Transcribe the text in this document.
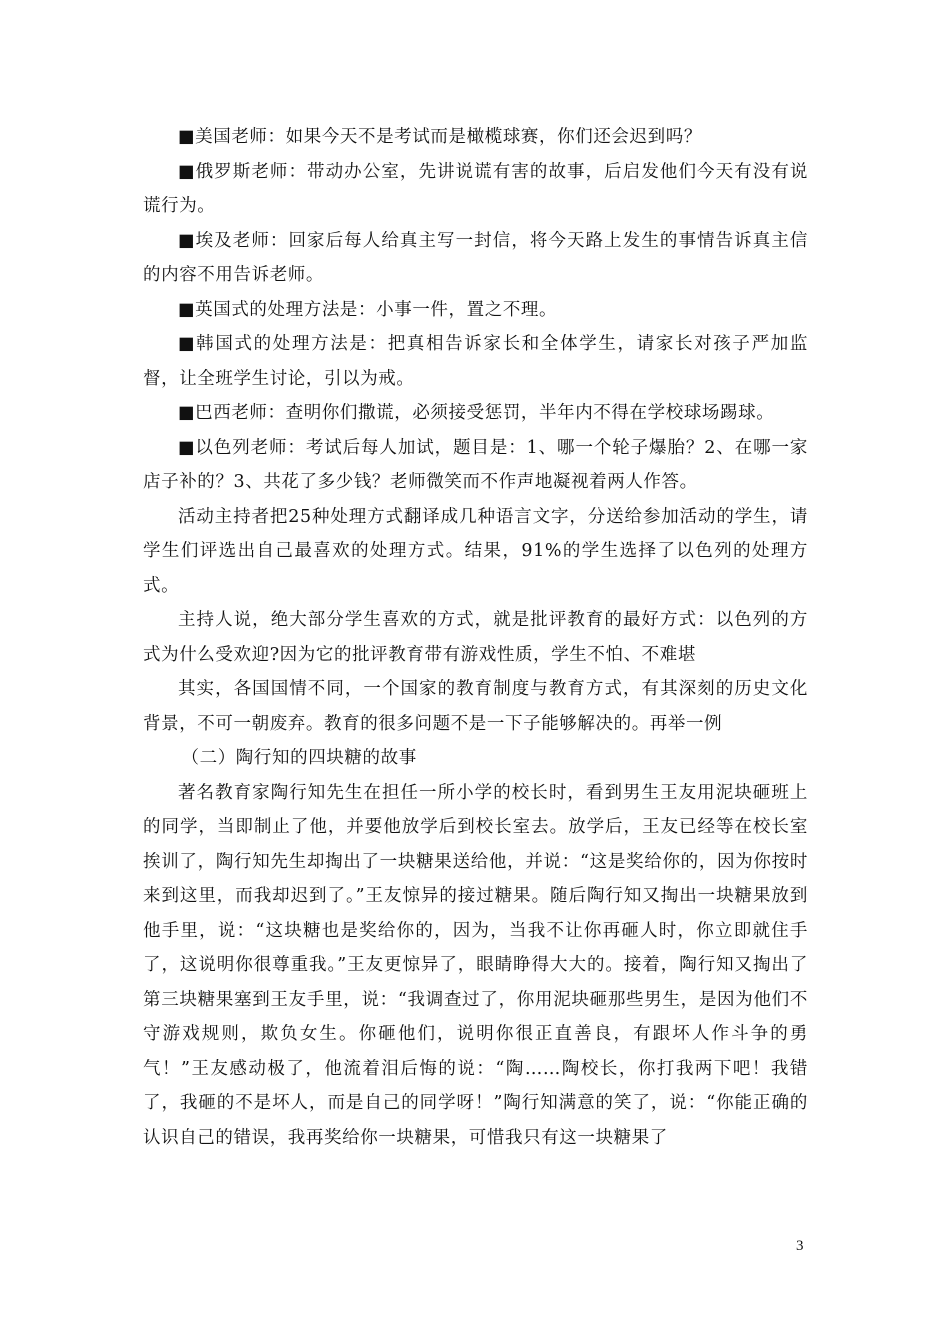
■美国老师：如果今天不是考试而是橄榄球赛，你们还会迟到吗？

■俄罗斯老师：带动办公室，先讲说谎有害的故事，后启发他们今天有没有说谎行为。

■埃及老师：回家后每人给真主写一封信，将今天路上发生的事情告诉真主信的内容不用告诉老师。

■英国式的处理方法是：小事一件，置之不理。

■韩国式的处理方法是：把真相告诉家长和全体学生，请家长对孩子严加监督，让全班学生讨论，引以为戒。

■巴西老师：查明你们撒谎，必须接受惩罚，半年内不得在学校球场踢球。

■以色列老师：考试后每人加试，题目是：1、哪一个轮子爆胎？2、在哪一家店子补的？3、共花了多少钱？老师微笑而不作声地凝视着两人作答。

活动主持者把25种处理方式翻译成几种语言文字，分送给参加活动的学生，请学生们评选出自己最喜欢的处理方式。结果，91%的学生选择了以色列的处理方式。

主持人说，绝大部分学生喜欢的方式，就是批评教育的最好方式：以色列的方式为什么受欢迎?因为它的批评教育带有游戏性质，学生不怕、不难堪

其实，各国国情不同，一个国家的教育制度与教育方式，有其深刻的历史文化背景，不可一朝废弃。教育的很多问题不是一下子能够解决的。再举一例

（二）陶行知的四块糖的故事

著名教育家陶行知先生在担任一所小学的校长时，看到男生王友用泥块砸班上的同学，当即制止了他，并要他放学后到校长室去。放学后，王友已经等在校长室挨训了，陶行知先生却掏出了一块糖果送给他，并说：“这是奖给你的，因为你按时来到这里，而我却迟到了。”王友惊异的接过糖果。随后陶行知又掏出一块糖果放到他手里，说：“这块糖也是奖给你的，因为，当我不让你再砸人时，你立即就住手了，这说明你很尊重我。”王友更惊异了，眼睛睁得大大的。接着，陶行知又掏出了第三块糖果塞到王友手里，说：“我调查过了，你用泥块砸那些男生，是因为他们不守游戏规则，欺负女生。你砸他们，说明你很正直善良，有跟坏人作斗争的勇气！”王友感动极了，他流着泪后悔的说：“陶……陶校长，你打我两下吧！我错了，我砸的不是坏人，而是自己的同学呀！”陶行知满意的笑了，说：“你能正确的认识自己的错误，我再奖给你一块糖果，可惜我只有这一块糖果了

3
